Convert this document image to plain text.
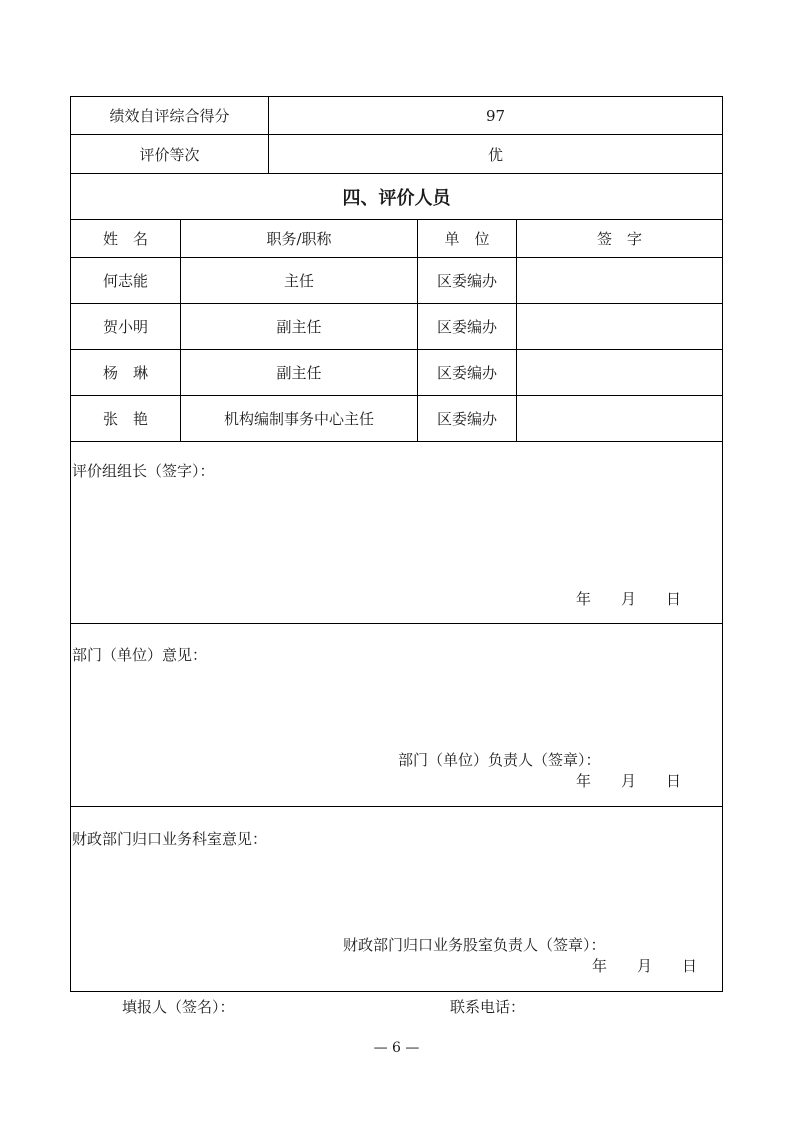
绩效自评综合得分	97
评价等次	优
四、评价人员
姓　名	职务/职称	单　位	签　字
何志能	主任	区委编办
贺小明	副主任	区委编办
杨　琳	副主任	区委编办
张　艳	机构编制事务中心主任	区委编办
评价组组长（签字）：
年　　月　　日
部门（单位）意见：
部门（单位）负责人（签章）：
年　　月　　日
财政部门归口业务科室意见：
财政部门归口业务股室负责人（签章）：
年　　月　　日
填报人（签名）：	联系电话：
— 6 —
